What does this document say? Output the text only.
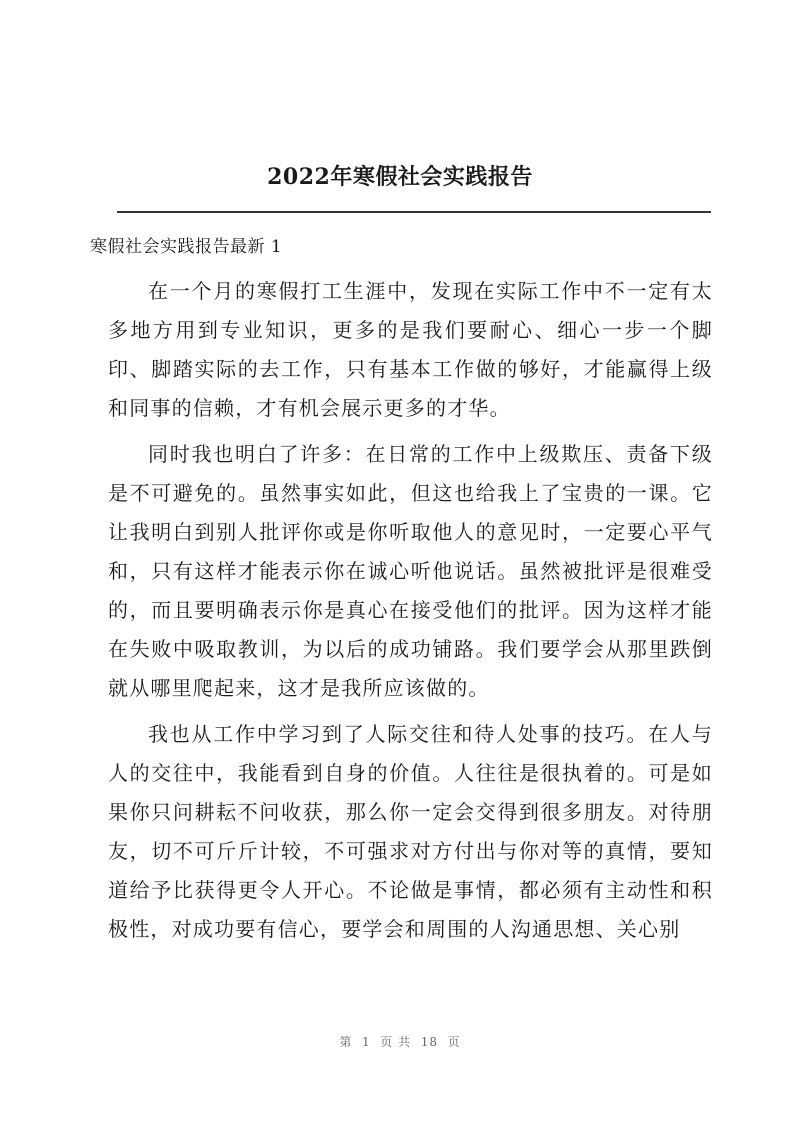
2022年寒假社会实践报告
寒假社会实践报告最新 1

在一个月的寒假打工生涯中，发现在实际工作中不一定有太多地方用到专业知识，更多的是我们要耐心、细心一步一个脚印、脚踏实际的去工作，只有基本工作做的够好，才能赢得上级和同事的信赖，才有机会展示更多的才华。

同时我也明白了许多：在日常的工作中上级欺压、责备下级是不可避免的。虽然事实如此，但这也给我上了宝贵的一课。它让我明白到别人批评你或是你听取他人的意见时，一定要心平气和，只有这样才能表示你在诚心听他说话。虽然被批评是很难受的，而且要明确表示你是真心在接受他们的批评。因为这样才能在失败中吸取教训，为以后的成功铺路。我们要学会从那里跌倒就从哪里爬起来，这才是我所应该做的。

我也从工作中学习到了人际交往和待人处事的技巧。在人与人的交往中，我能看到自身的价值。人往往是很执着的。可是如果你只问耕耘不问收获，那么你一定会交得到很多朋友。对待朋友，切不可斤斤计较，不可强求对方付出与你对等的真情，要知道给予比获得更令人开心。不论做是事情，都必须有主动性和积极性，对成功要有信心，要学会和周围的人沟通思想、关心别

第  1  页 共  18  页
